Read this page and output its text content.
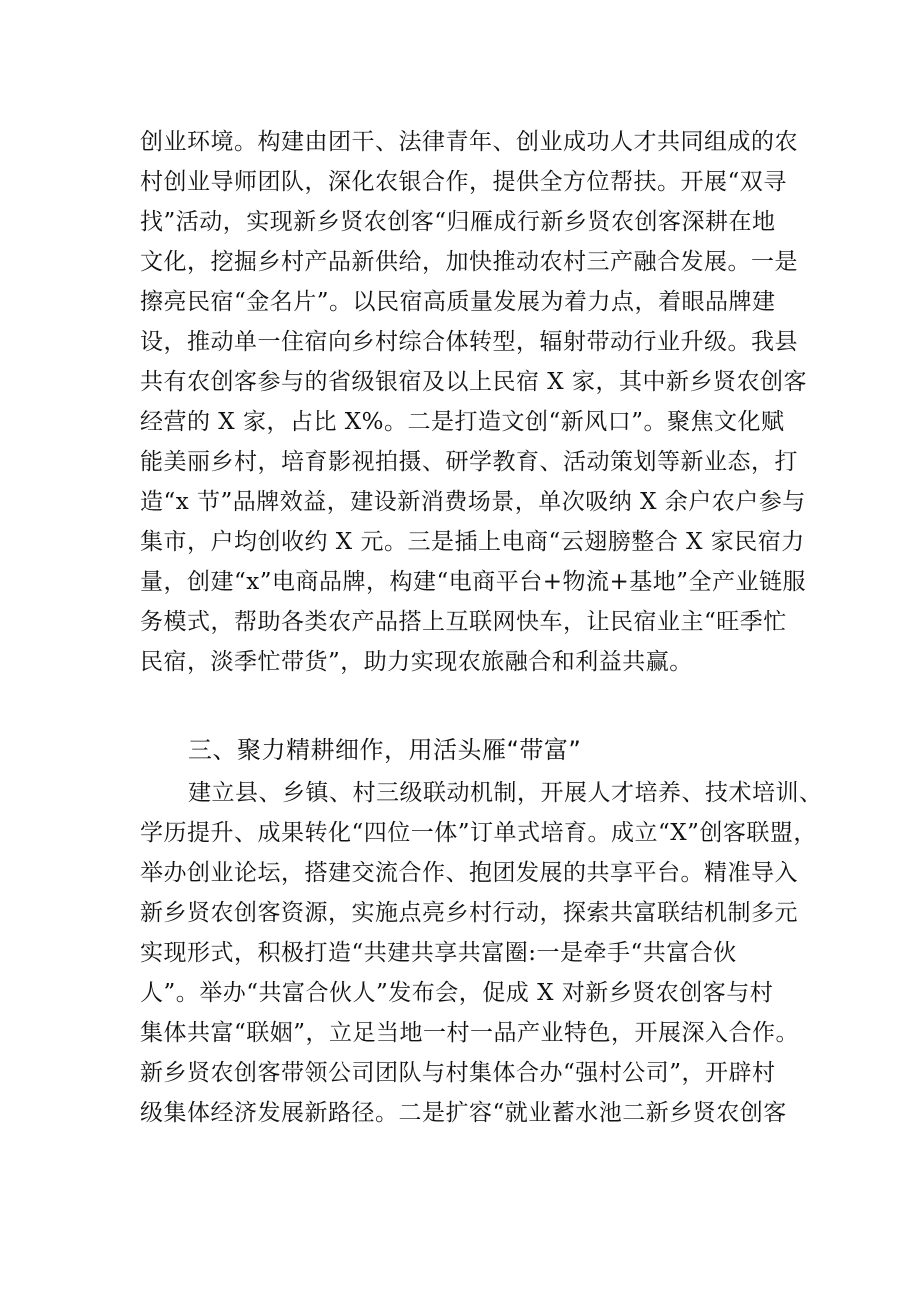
创业环境。构建由团干、法律青年、创业成功人才共同组成的农
村创业导师团队，深化农银合作，提供全方位帮扶。开展“双寻
找”活动，实现新乡贤农创客“归雁成行新乡贤农创客深耕在地
文化，挖掘乡村产品新供给，加快推动农村三产融合发展。一是
擦亮民宿“金名片”。以民宿高质量发展为着力点，着眼品牌建
设，推动单一住宿向乡村综合体转型，辐射带动行业升级。我县
共有农创客参与的省级银宿及以上民宿 X 家，其中新乡贤农创客
经营的 X 家，占比 X%。二是打造文创“新风口”。聚焦文化赋
能美丽乡村，培育影视拍摄、研学教育、活动策划等新业态，打
造“x 节”品牌效益，建设新消费场景，单次吸纳 X 余户农户参与
集市，户均创收约 X 元。三是插上电商“云翅膀整合 X 家民宿力
量，创建“x”电商品牌，构建“电商平台+物流+基地”全产业链服
务模式，帮助各类农产品搭上互联网快车，让民宿业主“旺季忙
民宿，淡季忙带货”，助力实现农旅融合和利益共赢。
三、聚力精耕细作，用活头雁“带富”
建立县、乡镇、村三级联动机制，开展人才培养、技术培训、
学历提升、成果转化“四位一体”订单式培育。成立“X”创客联盟，
举办创业论坛，搭建交流合作、抱团发展的共享平台。精准导入
新乡贤农创客资源，实施点亮乡村行动，探索共富联结机制多元
实现形式，积极打造“共建共享共富圈:一是牵手“共富合伙
人”。举办“共富合伙人”发布会，促成 X 对新乡贤农创客与村
集体共富“联姻”，立足当地一村一品产业特色，开展深入合作。
新乡贤农创客带领公司团队与村集体合办“强村公司”，开辟村
级集体经济发展新路径。二是扩容“就业蓄水池二新乡贤农创客
